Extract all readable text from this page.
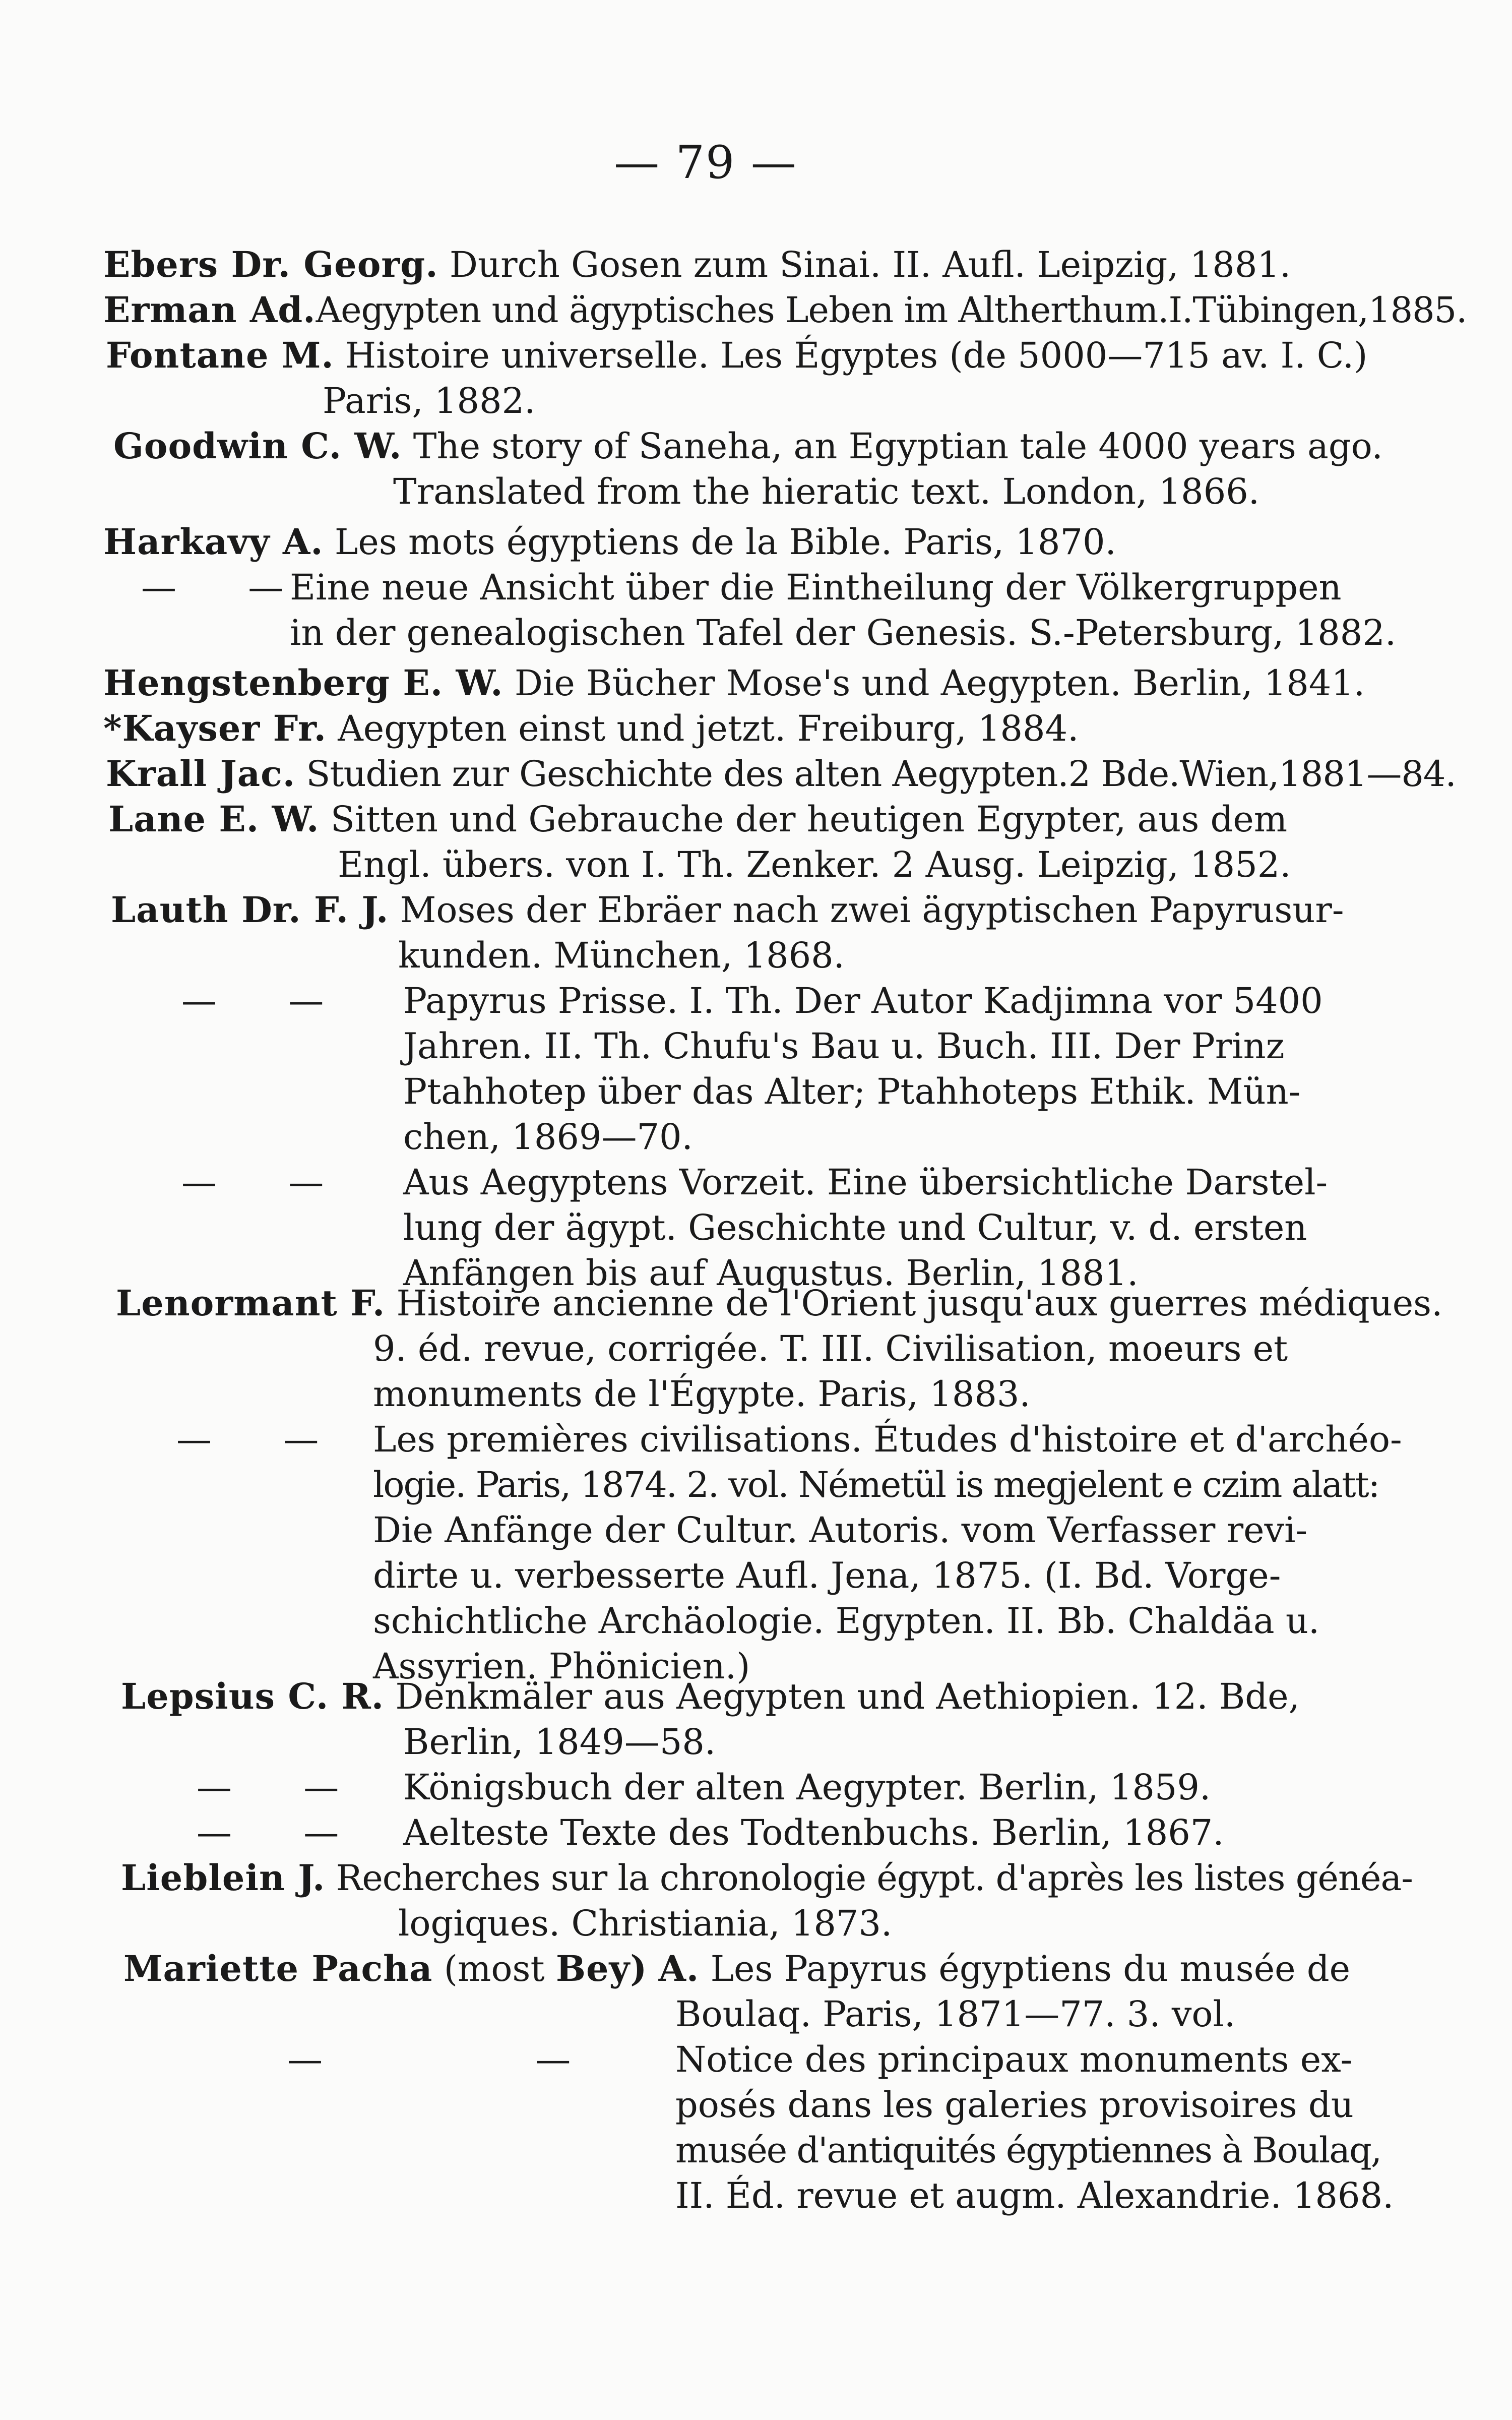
— 79 —
Ebers Dr. Georg. Durch Gosen zum Sinai. II. Aufl. Leipzig, 1881.
Erman Ad.Aegypten und ägyptisches Leben im Altherthum.I.Tübingen,1885.
Fontane M. Histoire universelle. Les Égyptes (de 5000—715 av. I. C.)
Paris, 1882.
Goodwin C. W. The story of Saneha, an Egyptian tale 4000 years ago.
Translated from the hieratic text. London, 1866.
Harkavy A. Les mots égyptiens de la Bible. Paris, 1870.
— —
Eine neue Ansicht über die Eintheilung der Völkergruppen
in der genealogischen Tafel der Genesis. S.-Petersburg, 1882.
Hengstenberg E. W. Die Bücher Mose's und Aegypten. Berlin, 1841.
*Kayser Fr. Aegypten einst und jetzt. Freiburg, 1884.
Krall Jac. Studien zur Geschichte des alten Aegypten.2 Bde.Wien,1881—84.
Lane E. W. Sitten und Gebrauche der heutigen Egypter, aus dem
Engl. übers. von I. Th. Zenker. 2 Ausg. Leipzig, 1852.
Lauth Dr. F. J. Moses der Ebräer nach zwei ägyptischen Papyrusur-
kunden. München, 1868.
— — Papyrus Prisse. I. Th. Der Autor Kadjimna vor 5400
Jahren. II. Th. Chufu's Bau u. Buch. III. Der Prinz
Ptahhotep über das Alter; Ptahhoteps Ethik. Mün-
chen, 1869—70.
— — Aus Aegyptens Vorzeit. Eine übersichtliche Darstel-
lung der ägypt. Geschichte und Cultur, v. d. ersten
Anfängen bis auf Augustus. Berlin, 1881.
Lenormant F. Histoire ancienne de l'Orient jusqu'aux guerres médiques.
9. éd. revue, corrigée. T. III. Civilisation, moeurs et
monuments de l'Égypte. Paris, 1883.
— — Les premières civilisations. Études d'histoire et d'archéo-
logie. Paris, 1874. 2. vol. Németül is megjelent e czim alatt:
Die Anfänge der Cultur. Autoris. vom Verfasser revi-
dirte u. verbesserte Aufl. Jena, 1875. (I. Bd. Vorge-
schichtliche Archäologie. Egypten. II. Bb. Chaldäa u.
Assyrien. Phönicien.)
Lepsius C. R. Denkmäler aus Aegypten und Aethiopien. 12. Bde,
Berlin, 1849—58.
— — Königsbuch der alten Aegypter. Berlin, 1859.
— — Aelteste Texte des Todtenbuchs. Berlin, 1867.
Lieblein J. Recherches sur la chronologie égypt. d'après les listes généa-
logiques. Christiania, 1873.
Mariette Pacha (most Bey) A. Les Papyrus égyptiens du musée de
Boulaq. Paris, 1871—77. 3. vol.
— — Notice des principaux monuments ex-
posés dans les galeries provisoires du
musée d'antiquités égyptiennes à Boulaq,
II. Éd. revue et augm. Alexandrie. 1868.
